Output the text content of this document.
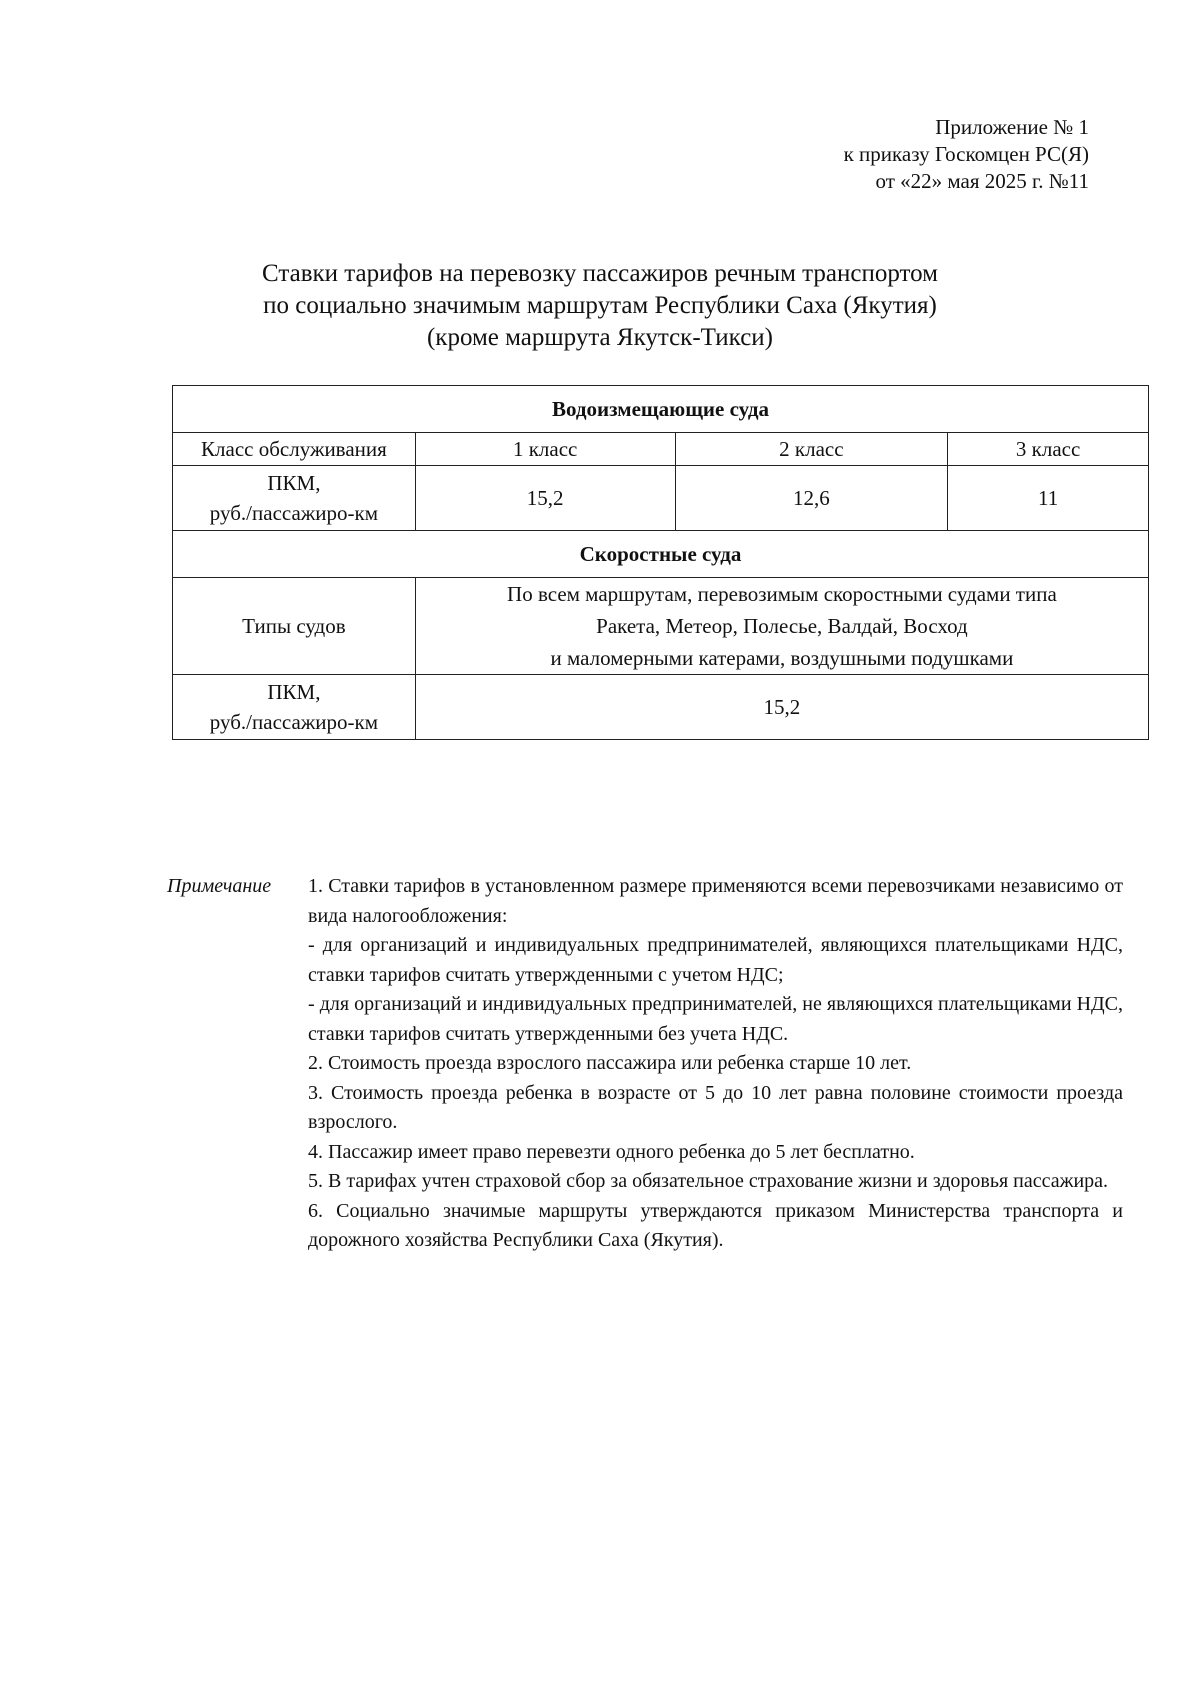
Приложение № 1
к приказу Госкомцен РС(Я)
от «22» мая 2025 г. №11
Ставки тарифов на перевозку пассажиров речным транспортом
по социально значимым маршрутам Республики Саха (Якутия)
(кроме маршрута Якутск-Тикси)
Водоизмещающие суда			
Класс обслуживания	1 класс	2 класс	3 класс

ПКМ,
руб./пассажиро-км	15,2	12,6	11
Скоростные суда			
Типы судов	По всем маршрутам, перевозимым скоростными судами типа
Ракета, Метеор, Полесье, Валдай, Восход
и маломерными катерами, воздушными подушками		

ПКМ,
руб./пассажиро-км	15,2		
Примечание 1. Ставки тарифов в установленном размере применяются всеми перевозчиками независимо от вида налогообложения:

- для организаций и индивидуальных предпринимателей, являющихся плательщиками НДС, ставки тарифов считать утвержденными с учетом НДС;

- для организаций и индивидуальных предпринимателей, не являющихся плательщиками НДС, ставки тарифов считать утвержденными без учета НДС.

2. Стоимость проезда взрослого пассажира или ребенка старше 10 лет.

3. Стоимость проезда ребенка в возрасте от 5 до 10 лет равна половине стоимости проезда взрослого.

4. Пассажир имеет право перевезти одного ребенка до 5 лет бесплатно.

5. В тарифах учтен страховой сбор за обязательное страхование жизни и здоровья пассажира.

6. Социально значимые маршруты утверждаются приказом Министерства транспорта и дорожного хозяйства Республики Саха (Якутия).
